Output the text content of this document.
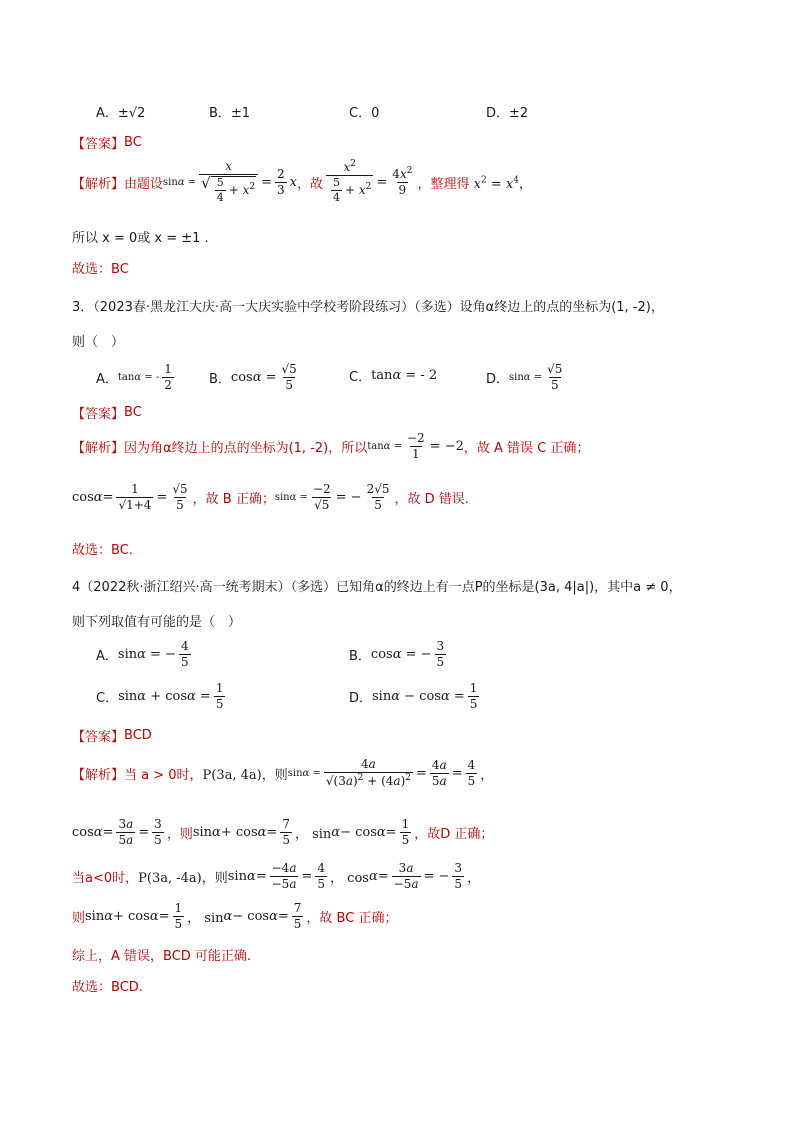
A．±√2	B．±1	C．0	D．±2
【答案】 BC
【解析】 由题设 $\sin\alpha = \frac{x}{√ \frac{5}{4} + x^2}$ =
2
3 x ，故
$x^2$
$\frac{5}{4} + x^2$ =
$4x^2$
9 ，整理得 $x^2 = x^4$，
所以 x = 0或 x = ±1 .
故选：BC
3．（2023春·黑龙江大庆·高一大庆实验中学校考阶段练习）（多选）设角α终边上的点的坐标为(1, -2)，
则（　）
A． tanα = -
1
2	B． $\cos\alpha = \frac{√5}{5}$	C． tanα = - 2	D． $\sin\alpha = \frac{√5}{5}$
【答案】 BC
【解析】 因为角α终边上的点的坐标为(1, -2)，所以 $\tan\alpha = \frac{-2}{1} = -2$ ，故 A 错误 C 正确；
cos α =
1
√1+4 =
√5
5 ，故 B 正确； $\sin\alpha = \frac{-2}{√5}$ = −
2√5
5 ，故 D 错误.
故选：BC.
4（2022秋·浙江绍兴·高一统考期末）（多选）已知角α的终边上有一点P的坐标是(3a, 4|a|)，其中a ≠ 0，
则下列取值有可能的是（　）
A． sinα = − $\frac{4}{5}$	B． cosα = − $\frac{3}{5}$
C． $\sin\alpha + \cos\alpha = \frac{1}{5}$	D． $\sin\alpha - \cos\alpha = \frac{1}{5}$
【答案】 BCD
【解析】 当 a > 0时， P(3a, 4a)，则 $\sin\alpha = \frac{4a}{√(3a)^2 + (4a)^2}$ =
4a
5a =
4
5 ，
cos α =
3a
5a =
3
5 ，则 sin α + cos α =
7
5 ， sin α − cos α =
1
5 ，故D 正确；
当a<0时， P(3a, -4a)，则 sin α =
−4a
−5a =
4
5 ， cos α =
3a
−5a = −
3
5 ，
则 sin α + cos α =
1
5 ， sin α − cos α =
7
5 ，故 BC 正确；
综上，A 错误，BCD 可能正确.
故选：BCD.
